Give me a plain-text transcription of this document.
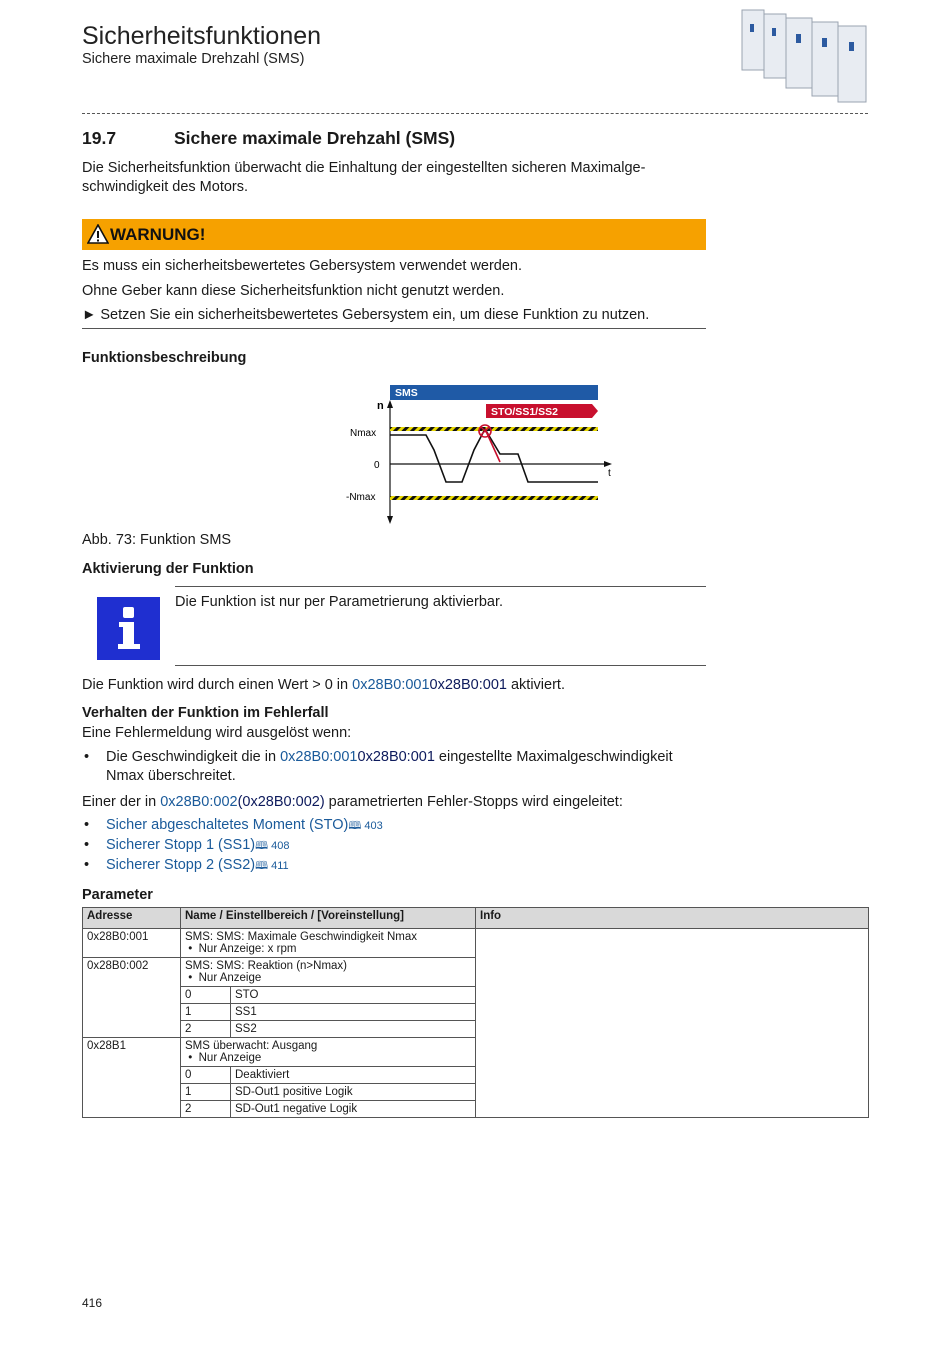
Sicherheitsfunktionen
Sichere maximale Drehzahl (SMS)
19.7	Sichere maximale Drehzahl (SMS)
Die Sicherheitsfunktion überwacht die Einhaltung der eingestellten sicheren Maximalge-
schwindigkeit des Motors.
WARNUNG!
Es muss ein sicherheitsbewertetes Gebersystem verwendet werden.
Ohne Geber kann diese Sicherheitsfunktion nicht genutzt werden.
► Setzen Sie ein sicherheitsbewertetes Gebersystem ein, um diese Funktion zu nutzen.
Funktionsbeschreibung
SMS
STO/SS1/SS2
n
t
Nmax
0
-Nmax
Abb. 73: Funktion SMS
Aktivierung der Funktion
Die Funktion ist nur per Parametrierung aktivierbar.
Die Funktion wird durch einen Wert > 0 in 0x28B0:0010x28B0:001 aktiviert.
Verhalten der Funktion im Fehlerfall
Eine Fehlermeldung wird ausgelöst wenn:
• Die Geschwindigkeit die in 0x28B0:0010x28B0:001 eingestellte Maximalgeschwindigkeit
Nmax überschreitet.
Einer der in 0x28B0:002(0x28B0:002) parametrierten Fehler-Stopps wird eingeleitet:
• Sicher abgeschaltetes Moment (STO)🕮 403
• Sicherer Stopp 1 (SS1)🕮 408
• Sicherer Stopp 2 (SS2)🕮 411
Parameter
Adresse	Name / Einstellbereich / [Voreinstellung]		Info
0x28B0:001	SMS: SMS: Maximale Geschwindigkeit Nmax
•  Nur Anzeige: x rpm		

0x28B0:002	SMS: SMS: Reaktion (n>Nmax)
•  Nur Anzeige		

	0	STO	
	1	SS1	
	2	SS2	
0x28B1	SMS überwacht: Ausgang
•  Nur Anzeige		

	0	Deaktiviert	
	1	SD-Out1 positive Logik	
	2	SD-Out1 negative Logik	
416
